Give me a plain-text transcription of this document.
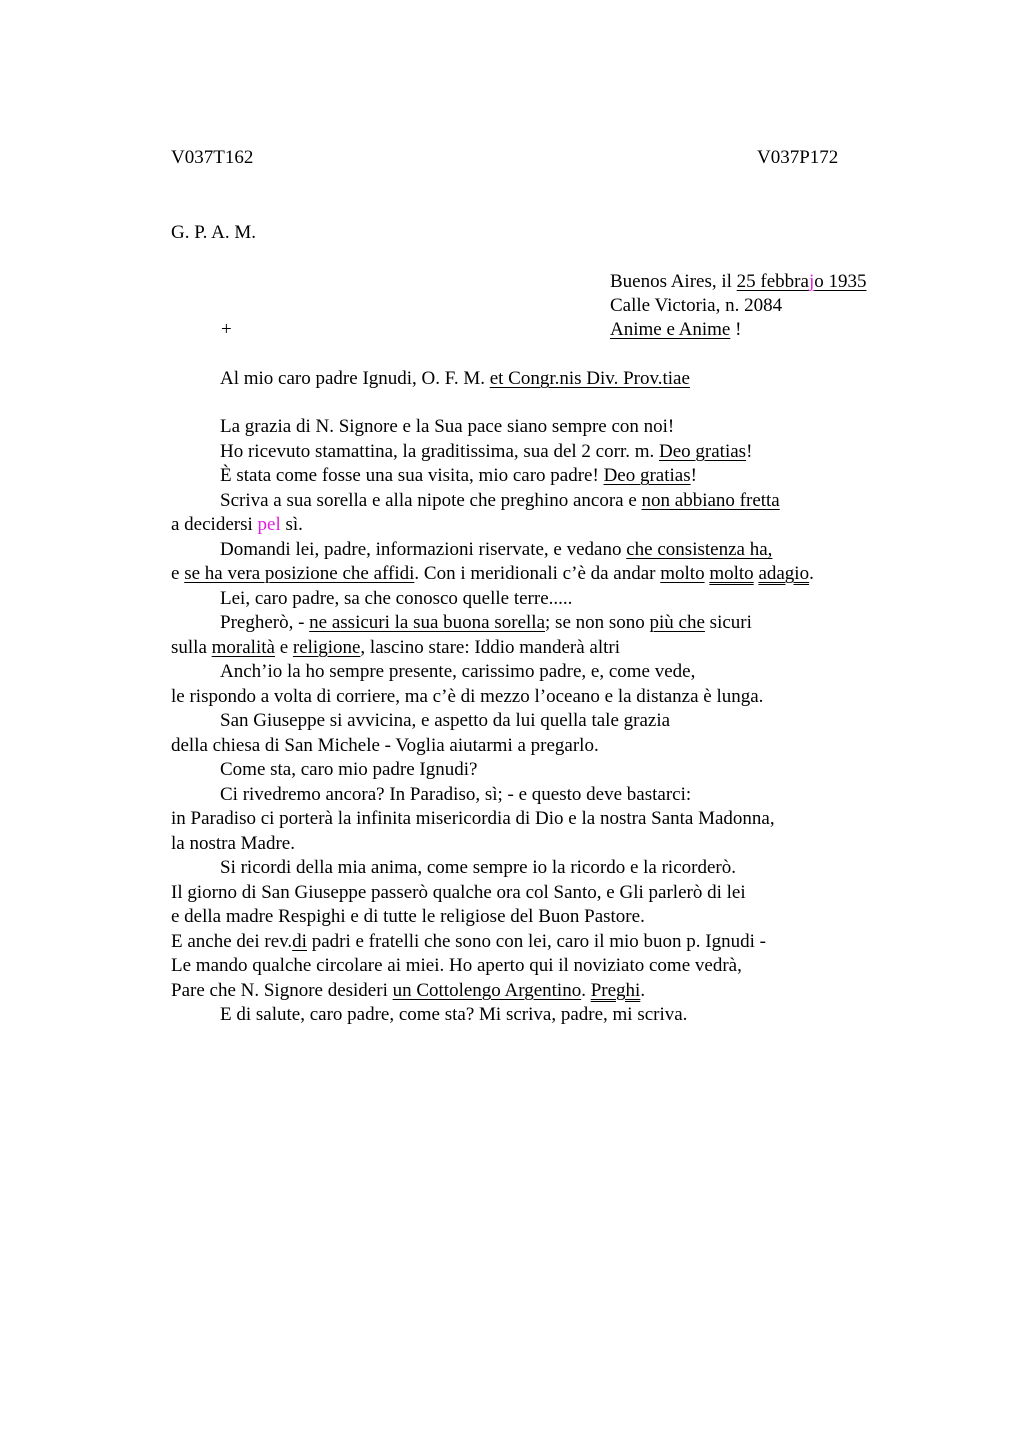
V037T162	V037P172
G. P. A. M.
Buenos Aires, il 25 febbrajo 1935
Calle Victoria, n. 2084
+	Anime e Anime !
Al mio caro padre Ignudi, O. F. M. et Congr.nis Div. Prov.tiae
La grazia di N. Signore e la Sua pace siano sempre con noi!
Ho ricevuto stamattina, la graditissima, sua del 2 corr. m. Deo gratias!
È stata come fosse una sua visita, mio caro padre! Deo gratias!
Scriva a sua sorella e alla nipote che preghino ancora e non abbiano fretta
a decidersi pel sì.
Domandi lei, padre, informazioni riservate, e vedano che consistenza ha,
e se ha vera posizione che affidi. Con i meridionali c’è da andar molto molto adagio.
Lei, caro padre, sa che conosco quelle terre.....
Pregherò, - ne assicuri la sua buona sorella; se non sono più che sicuri
sulla moralità e religione, lascino stare: Iddio manderà altri
Anch’io la ho sempre presente, carissimo padre, e, come vede,
le rispondo a volta di corriere, ma c’è di mezzo l’oceano e la distanza è lunga.
San Giuseppe si avvicina, e aspetto da lui quella tale grazia
della chiesa di San Michele - Voglia aiutarmi a pregarlo.
Come sta, caro mio padre Ignudi?
Ci rivedremo ancora? In Paradiso, sì; - e questo deve bastarci:
in Paradiso ci porterà la infinita misericordia di Dio e la nostra Santa Madonna,
la nostra Madre.
Si ricordi della mia anima, come sempre io la ricordo e la ricorderò.
Il giorno di San Giuseppe passerò qualche ora col Santo, e Gli parlerò di lei
e della madre Respighi e di tutte le religiose del Buon Pastore.
E anche dei rev.di padri e fratelli che sono con lei, caro il mio buon p. Ignudi -
Le mando qualche circolare ai miei. Ho aperto qui il noviziato come vedrà,
Pare che N. Signore desideri un Cottolengo Argentino. Preghi.
E di salute, caro padre, come sta? Mi scriva, padre, mi scriva.
